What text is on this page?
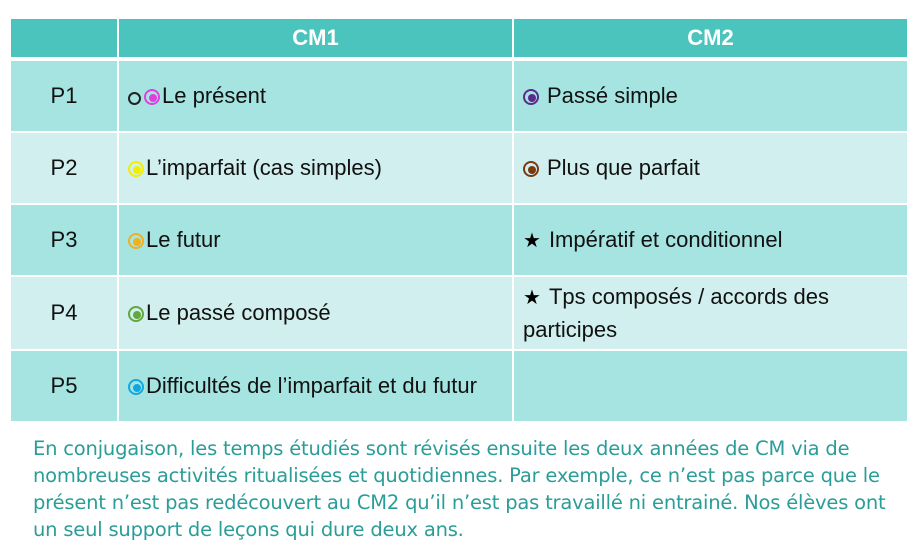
	CM1	CM2
P1	Le présent	Passé simple
P2	L’imparfait (cas simples)	Plus que parfait
P3	Le futur	★ Impératif et conditionnel
P4	Le passé composé	★ Tps composés / accords des participes
P5	Difficultés de l’imparfait et du futur	

En conjugaison, les temps étudiés sont révisés ensuite les deux années de CM via de nombreuses activités ritualisées et quotidiennes. Par exemple, ce n’est pas parce que le présent n’est pas redécouvert au CM2 qu’il n’est pas travaillé ni entrainé. Nos élèves ont un seul support de leçons qui dure deux ans.
